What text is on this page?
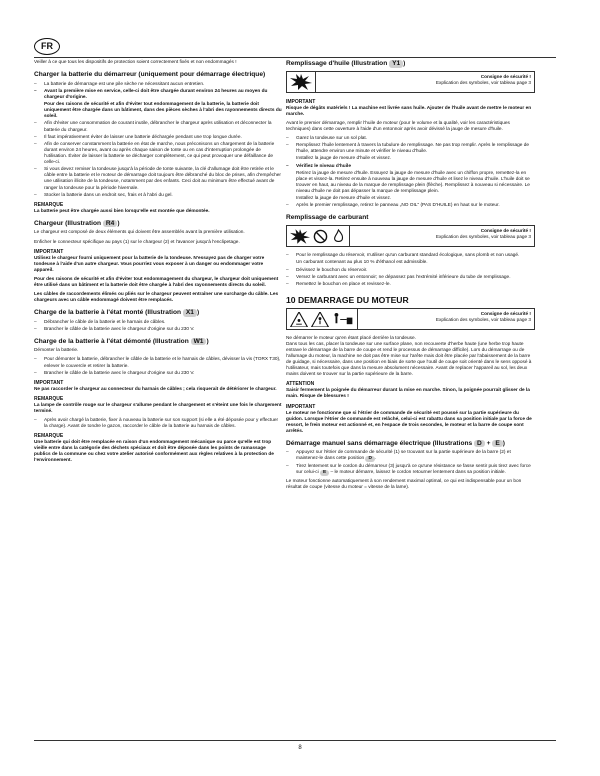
FR

Veiller à ce que tous les dispositifs de protection soient correctement fixés et non endommagés !

Charger la batterie du démarreur (uniquement pour démarrage électrique)
– La batterie de démarrage est une pile sèche ne nécessitant aucun entretien.
– Avant la première mise en service, celle-ci doit être chargée durant environ 24 heures au moyen du chargeur d'origine.
Pour des raisons de sécurité et afin d'éviter tout endommagement de la batterie, la batterie doit uniquement être chargée dans un bâtiment, dans des pièces sèches à l'abri des rayonnements directs du soleil.
– Afin d'éviter une consommation de courant inutile, débrancher le chargeur après utilisation et déconnecter la batterie du chargeur.
– Il faut impérativement éviter de laisser une batterie déchargée pendant une trop longue durée.
– Afin de conserver constamment la batterie en état de marche, nous préconisons un chargement de la batterie durant environ 24 heures, avant ou après chaque saison de tonte ou en cas d'interruption prolongée de l'utilisation. Éviter de laisser la batterie se décharger complètement, ce qui peut provoquer une défaillance de celle-ci.
– Si vous devez remiser la tondeuse jusqu'à la période de tonte suivante, la clé d'allumage doit être retirée et le câble entre la batterie et le moteur de démarrage doit toujours être débranché du bloc de prises, afin d'empêcher une utilisation illicite de la tondeuse, notamment par des enfants. Ceci doit au minimum être effectué avant de ranger la tondeuse pour la période hivernale.
– Stocker la batterie dans un endroit sec, frais et à l'abri du gel.
REMARQUE

La batterie peut être chargée aussi bien lorsqu'elle est montée que démontée.

Chargeur (Illustration R4 )

Le chargeur est composé de deux éléments qui doivent être assemblés avant la première utilisation.

Enficher le connecteur spécifique au pays (1) sur le chargeur (2) et l'avancer jusqu'à l'enclipetage.

IMPORTANT

Utilisez le chargeur fourni uniquement pour la batterie de la tondeuse. N'essayez pas de charger votre tondeuse à l'aide d'un autre chargeur. Vous pourriez vous exposer à un danger ou endommager votre appareil.

Pour des raisons de sécurité et afin d'éviter tout endommagement du chargeur, le chargeur doit uniquement être utilisé dans un bâtiment et la batterie doit être chargée à l'abri des rayonnements directs du soleil.

Les câbles de raccordements élimés ou pliés sur le chargeur peuvent entraîner une surcharge du câble. Les chargeurs avec un câble endommagé doivent être remplacés.

Charge de la batterie à l'état monté (Illustration X1 )
– Débrancher le câble de la batterie et le harnais de câbles.
– Brancher le câble de la batterie avec le chargeur d'origine sur du 230 V.
Charge de la batterie à l'état démonté (Illustration W1 )

Démonter la batterie.

– Pour démonter la batterie, débrancher le câble de la batterie et le harnais de câbles, dévisser la vis (TORX T30), enlever le couvercle et retirer la batterie.
– Brancher le câble de la batterie avec le chargeur d'origine sur du 230 V.
IMPORTANT

Ne pas raccorder le chargeur au connecteur du harnais de câbles ; cela risquerait de détériorer le chargeur.

REMARQUE

La lampe de contrôle rouge sur le chargeur s'allume pendant le chargement et s'éteint une fois le chargement terminé.

– Après avoir chargé la batterie, fixer à nouveau la batterie sur son support (si elle a été déposée pour y effectuer la charge). Avant de tondre le gazon, raccorder le câble de la batterie au harnais de câbles.
REMARQUE

Une batterie qui doit être remplacée en raison d'un endommagement mécanique ou parce qu'elle est trop vieille entre dans la catégorie des déchets spéciaux et doit être déposée dans les points de ramassage publics de la commune ou chez votre atelier autorisé conformément aux règles relatives à la protection de l'environnement.

Remplissage d'huile (Illustration Y1 )
Consigne de sécurité !
Explication des symboles, voir tableau page 3
IMPORTANT

Risque de dégâts matériels ! La machine est livrée sans huile. Ajouter de l'huile avant de mettre le moteur en marche.

Avant le premier démarrage, remplir l'huile de moteur (pour le volume et la qualité, voir les caractéristiques techniques) dans cette ouverture à l'aide d'un entonnoir après avoir dévissé la jauge de mesure d'huile.

– Garez la tondeuse sur un sol plat.
– Remplissez l'huile lentement à travers la tubulure de remplissage. Ne pas trop remplir. Après le remplissage de l'huile, attendre environ une minute et vérifier le niveau d'huile.
Installez la jauge de mesure d'huile et vissez.
– Vérifiez le niveau d'huile
Retirez la jauge de mesure d'huile. Essuyez la jauge de mesure d'huile avec un chiffon propre, remettez-la en place et vissez-la. Retirez ensuite à nouveau la jauge de mesure d'huile et lisez le niveau d'huile. L'huile doit se trouver en haut, au niveau de la marque de remplissage plein (flèche). Remplissez à nouveau si nécessaire. Le niveau d'huile ne doit pas dépasser la marque de remplissage plein.
Installez la jauge de mesure d'huile et vissez.
– Après le premier remplissage, retirez le panneau „NO OIL" (PAS D'HUILE) en haut sur le moteur.
Remplissage de carburant
Consigne de sécurité !
Explication des symboles, voir tableau page 3
– Pour le remplissage du réservoir, n'utiliser qu'un carburant standard écologique, sans plomb et non usagé.
Un carburant contenant au plus 10 % d'éthanol est admissible.
– Dévissez le bouchon du réservoir.
– Versez le carburant avec un entonnoir; ne dépassez pas l'extrémité inférieure du tube de remplissage.
– Remettez le bouchon en place et revissez-le.
10 DEMARRAGE DU MOTEUR
Consigne de sécurité !
Explication des symboles, voir tableau page 3

Ne démarrer le moteur qu'en étant placé derrière la tondeuse.

Dans tous les cas, placer la tondeuse sur une surface plane, non recouverte d'herbe haute (une herbe trop haute entrave le démarrage de la barre de coupe et rend le processus de démarrage difficile). Lors du démarrage ou de l'allumage du moteur, la machine ne doit pas être mise sur l'arête mais doit être placée par l'abaissement de la barre de guidage, si nécessaire, dans une position en biais de sorte que l'outil de coupe soit orienté dans le sens opposé à l'utilisateur, mais toutefois que dans la mesure absolument nécessaire. Avant de replacer l'appareil au sol, les deux mains doivent se trouver sur la partie supérieure de la barre.

ATTENTION

Saisir fermement la poignée du démarreur durant la mise en marche. Sinon, la poignée pourrait glisser de la main. Risque de blessures !

IMPORTANT

Le moteur ne fonctionne que si l'étrier de commande de sécurité est poussé sur la partie supérieure du guidon. Lorsque l'étrier de commande est relâché, celui-ci est rabattu dans sa position initiale par la force de ressort, le frein moteur est actionné et, en l'espace de trois secondes, le moteur et la barre de coupe sont arrêtés.

Démarrage manuel sans démarrage électrique (Illustrations D + E )
– Appuyez sur l'étrier de commande de sécurité (1) se trouvant sur la partie supérieure de la barre (2) et maintenez-le dans cette position D .
– Tirez lentement sur le cordon du démarreur (3) jusqu'à ce qu'une résistance se fasse sentir puis tirez avec force sur celui-ci E – le moteur démarre, laissez le cordon retourner lentement dans sa position initiale.

Le moteur fonctionne automatiquement à son rendement maximal optimal, ce qui est indispensable pour un bon résultat de coupe (vitesse du moteur = vitesse de la lame).

8
